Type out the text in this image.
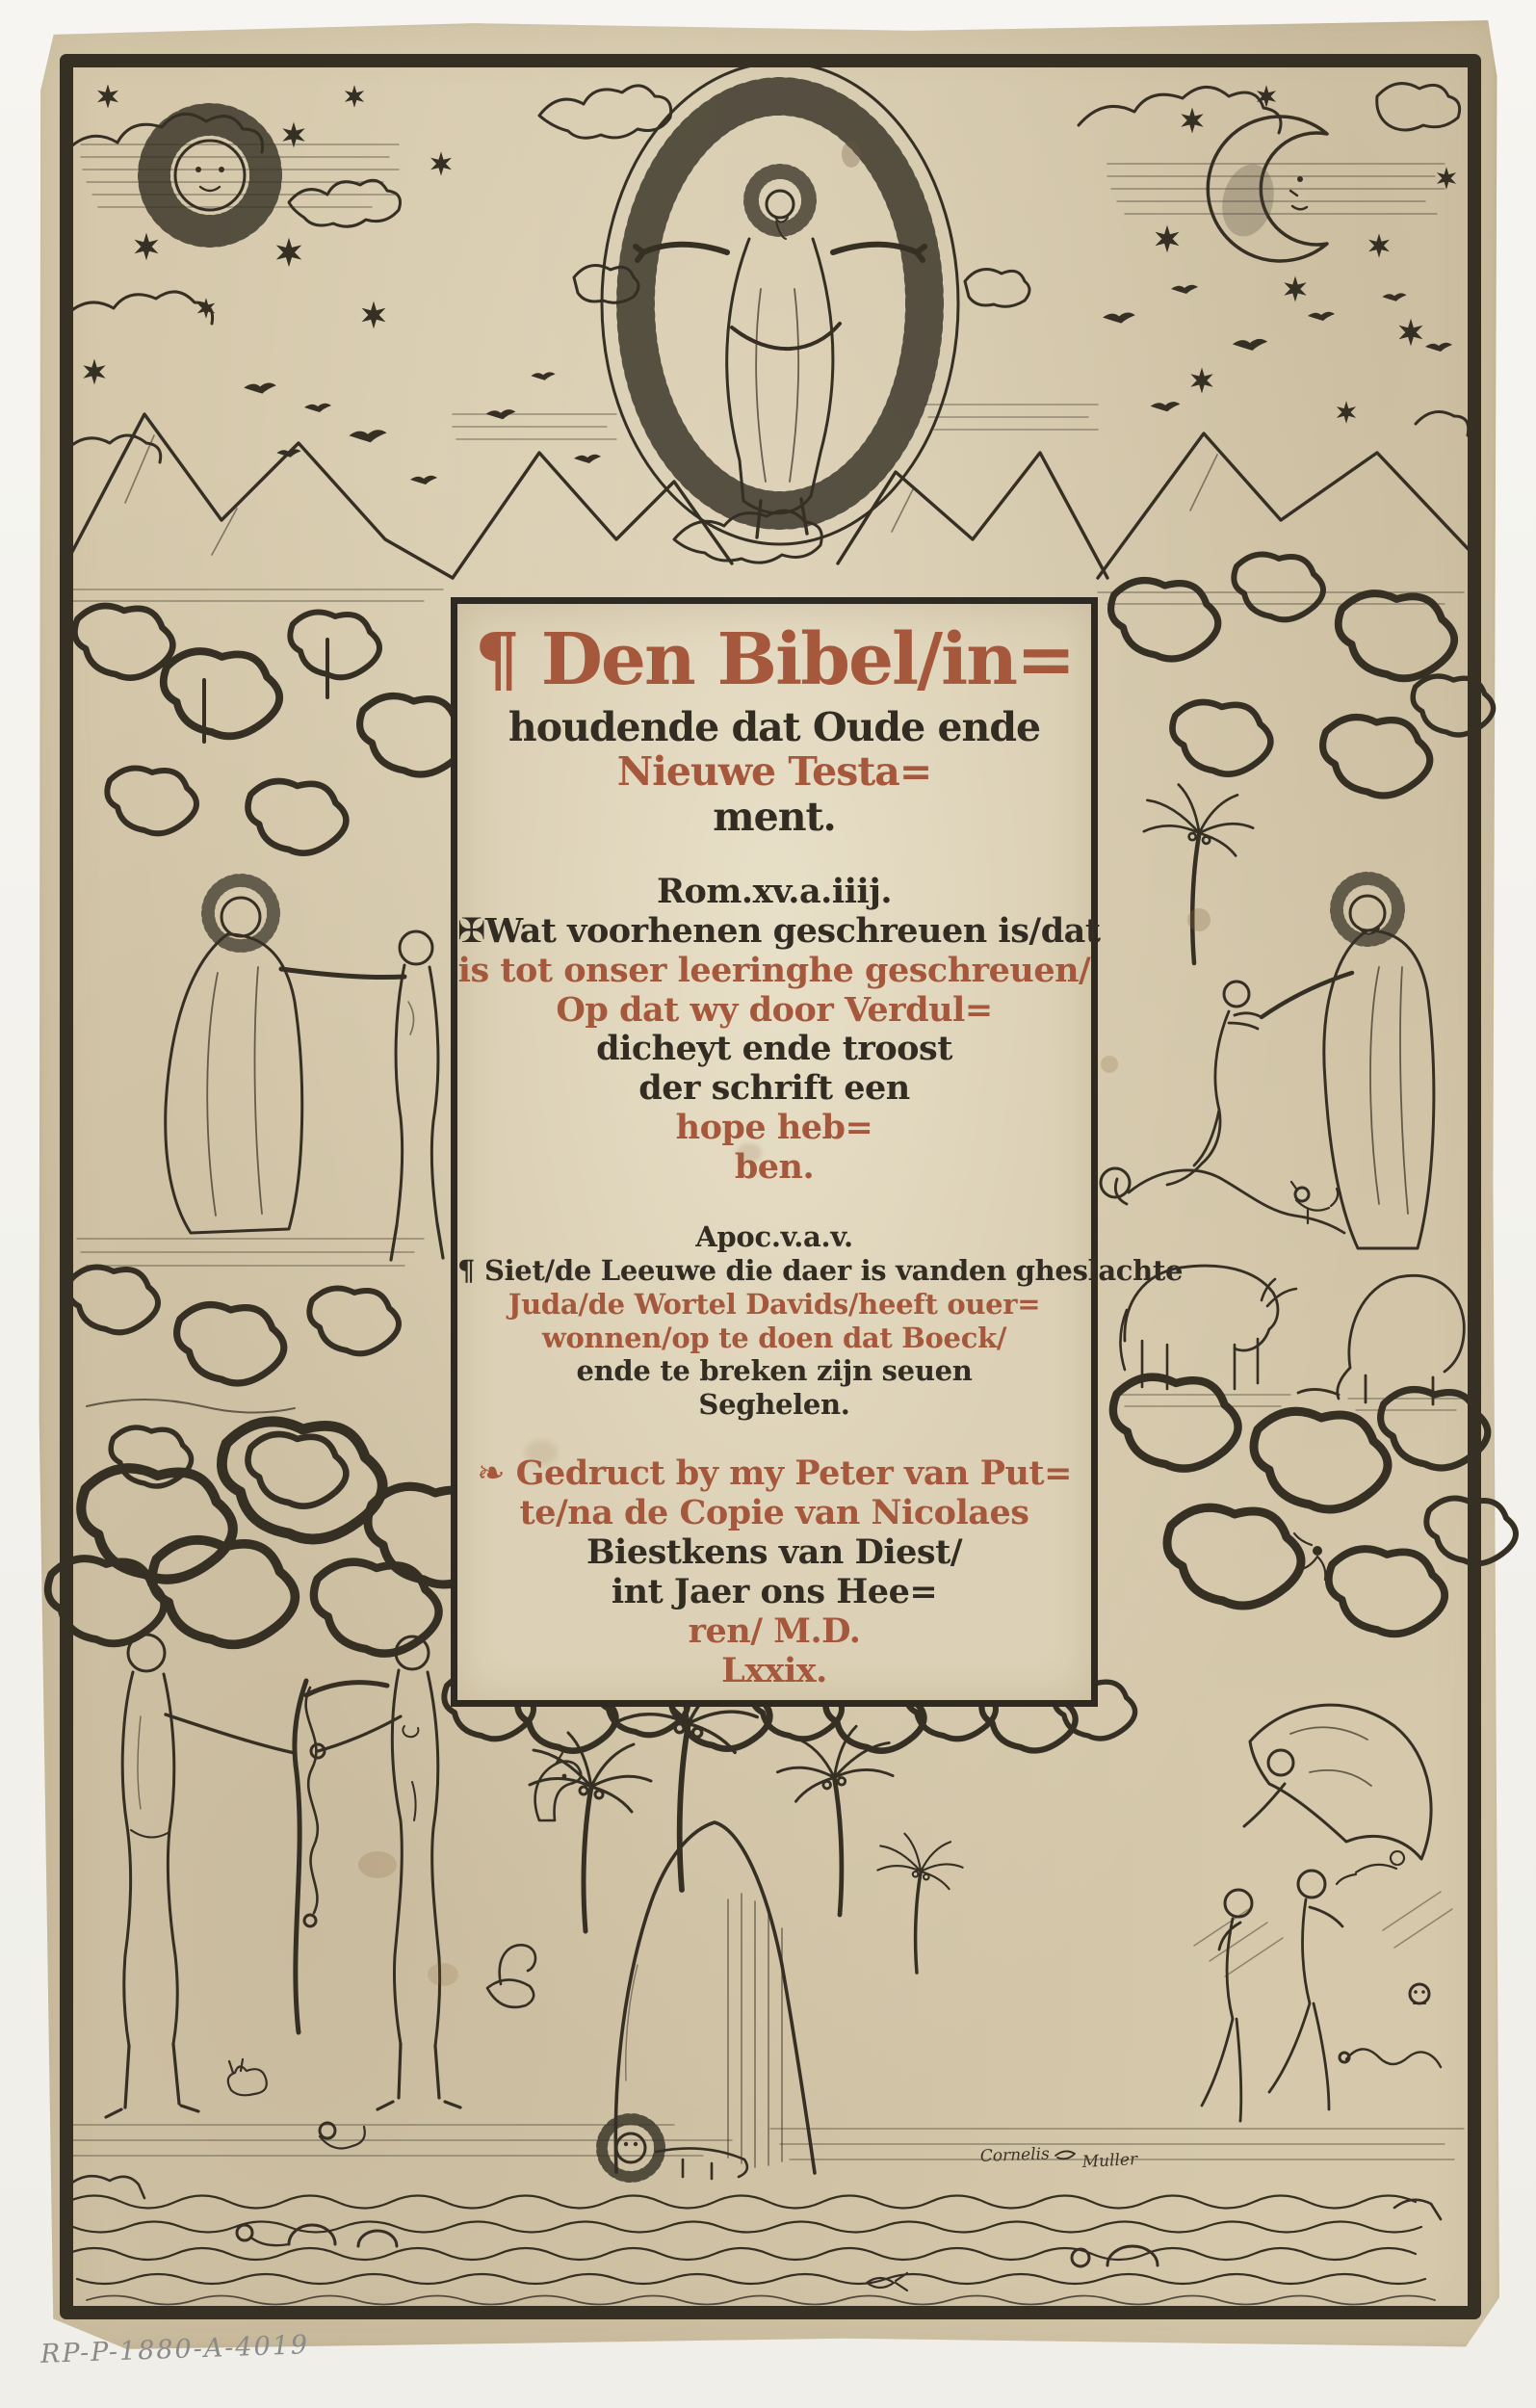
Cornelis Muller
¶ Den Bibel/in=
houdende dat Oude ende
Nieuwe Testa=
ment.
Rom.xv.a.iiij.
✠Wat voorhenen geschreuen is/dat
is tot onser leeringhe geschreuen/
Op dat wy door Verdul=
dicheyt ende troost
der schrift een
hope heb=
ben.
Apoc.v.a.v.
¶ Siet/de Leeuwe die daer is vanden gheslachte
Juda/de Wortel Davids/heeft ouer=
wonnen/op te doen dat Boeck/
ende te breken zijn seuen
Seghelen.
❧ Gedruct by my Peter van Put=
te/na de Copie van Nicolaes
Biestkens van Diest/
int Jaer ons Hee=
ren/ M.D.
Lxxix.
RP-P-1880-A-4019
